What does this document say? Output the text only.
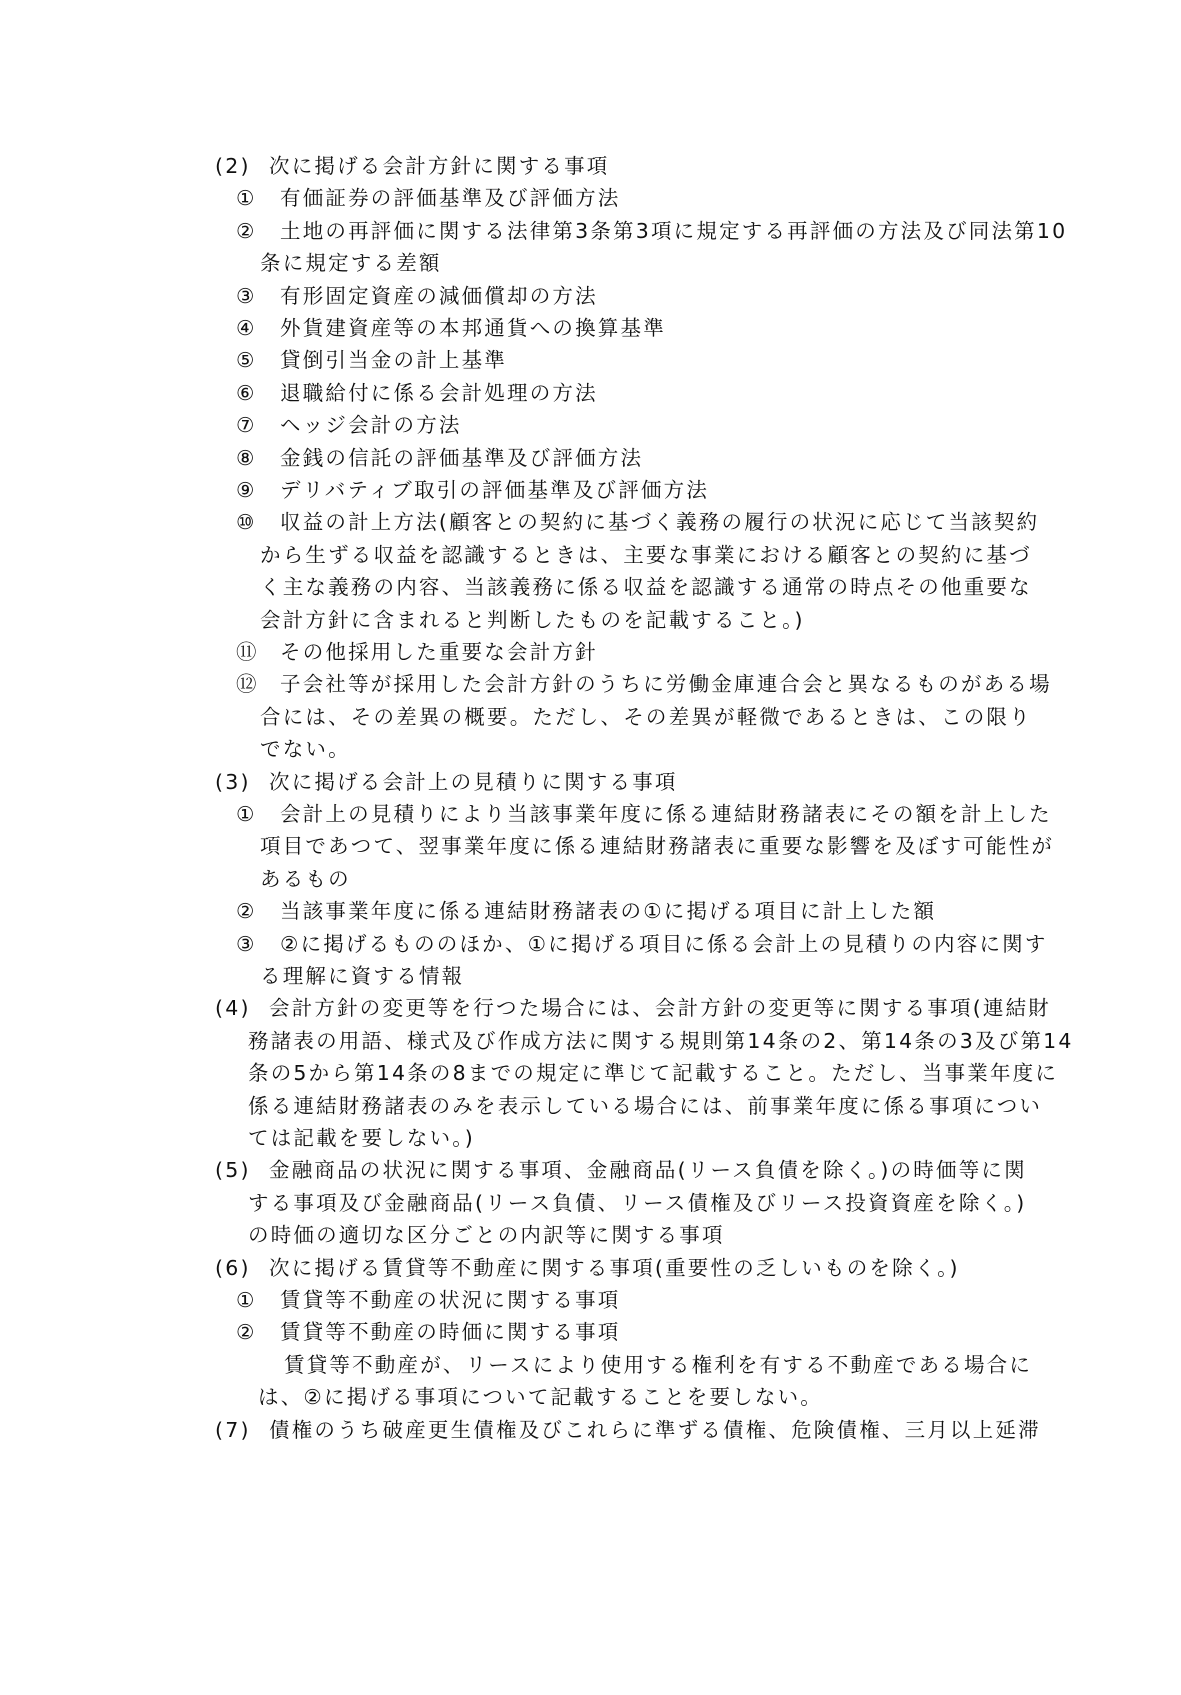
(2) 次に掲げる会計方針に関する事項
① 有価証券の評価基準及び評価方法
② 土地の再評価に関する法律第3条第3項に規定する再評価の方法及び同法第10
条に規定する差額
③ 有形固定資産の減価償却の方法
④ 外貨建資産等の本邦通貨への換算基準
⑤ 貸倒引当金の計上基準
⑥ 退職給付に係る会計処理の方法
⑦ ヘッジ会計の方法
⑧ 金銭の信託の評価基準及び評価方法
⑨ デリバティブ取引の評価基準及び評価方法
⑩ 収益の計上方法(顧客との契約に基づく義務の履行の状況に応じて当該契約
から生ずる収益を認識するときは、主要な事業における顧客との契約に基づ
く主な義務の内容、当該義務に係る収益を認識する通常の時点その他重要な
会計方針に含まれると判断したものを記載すること。)
⑪ その他採用した重要な会計方針
⑫ 子会社等が採用した会計方針のうちに労働金庫連合会と異なるものがある場
合には、その差異の概要。ただし、その差異が軽微であるときは、この限り
でない。
(3) 次に掲げる会計上の見積りに関する事項
① 会計上の見積りにより当該事業年度に係る連結財務諸表にその額を計上した
項目であつて、翌事業年度に係る連結財務諸表に重要な影響を及ぼす可能性が
あるもの
② 当該事業年度に係る連結財務諸表の①に掲げる項目に計上した額
③ ②に掲げるもののほか、①に掲げる項目に係る会計上の見積りの内容に関す
る理解に資する情報
(4) 会計方針の変更等を行つた場合には、会計方針の変更等に関する事項(連結財
務諸表の用語、様式及び作成方法に関する規則第14条の2、第14条の3及び第14
条の5から第14条の8までの規定に準じて記載すること。ただし、当事業年度に
係る連結財務諸表のみを表示している場合には、前事業年度に係る事項につい
ては記載を要しない。)
(5) 金融商品の状況に関する事項、金融商品(リース負債を除く。)の時価等に関
する事項及び金融商品(リース負債、リース債権及びリース投資資産を除く。)
の時価の適切な区分ごとの内訳等に関する事項
(6) 次に掲げる賃貸等不動産に関する事項(重要性の乏しいものを除く。)
① 賃貸等不動産の状況に関する事項
② 賃貸等不動産の時価に関する事項
賃貸等不動産が、リースにより使用する権利を有する不動産である場合に
は、②に掲げる事項について記載することを要しない。
(7) 債権のうち破産更生債権及びこれらに準ずる債権、危険債権、三月以上延滞
